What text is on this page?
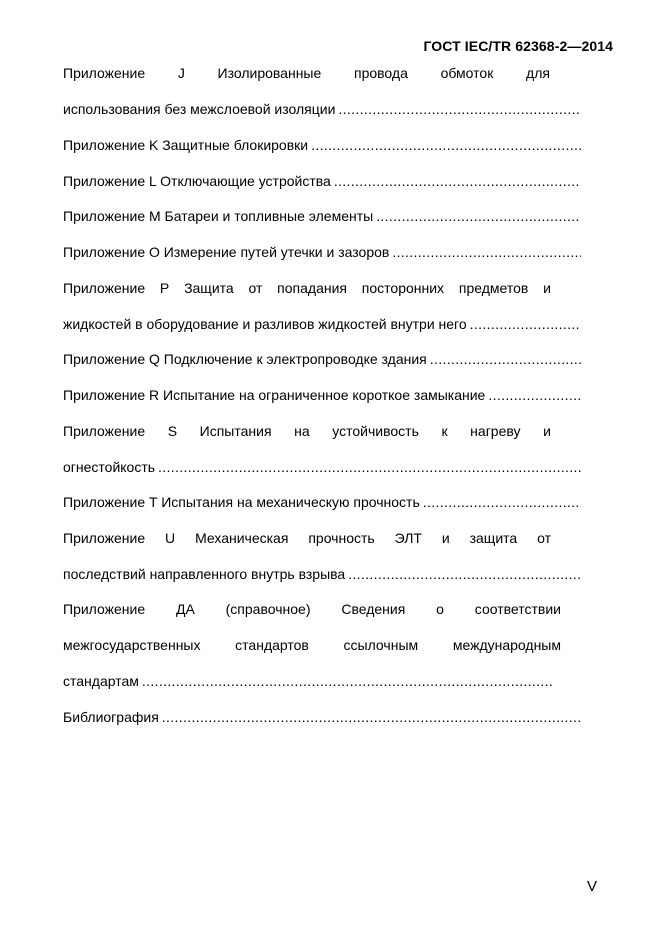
ГОСТ IEC/TR 62368-2—2014
Приложение J Изолированные провода обмоток для
использования без межслоевой изоляции
.....
Приложение K Защитные блокировки
.....
Приложение L Отключающие устройства
.....
Приложение M Батареи и топливные элементы
.....
Приложение O Измерение путей утечки и зазоров
.....
Приложение P Защита от попадания посторонних предметов и
жидкостей в оборудование и разливов жидкостей внутри него
.....
Приложение Q Подключение к электропроводке здания
.....
Приложение R Испытание на ограниченное короткое замыкание
.....
Приложение S Испытания на устойчивость к нагреву и
огнестойкость
.....
Приложение T Испытания на механическую прочность
.....
Приложение U Механическая прочность ЭЛТ и защита от
последствий направленного внутрь взрыва
.....
Приложение ДА (справочное) Сведения о соответствии
межгосударственных стандартов ссылочным международным
стандартам
.....
Библиография
.....
V
